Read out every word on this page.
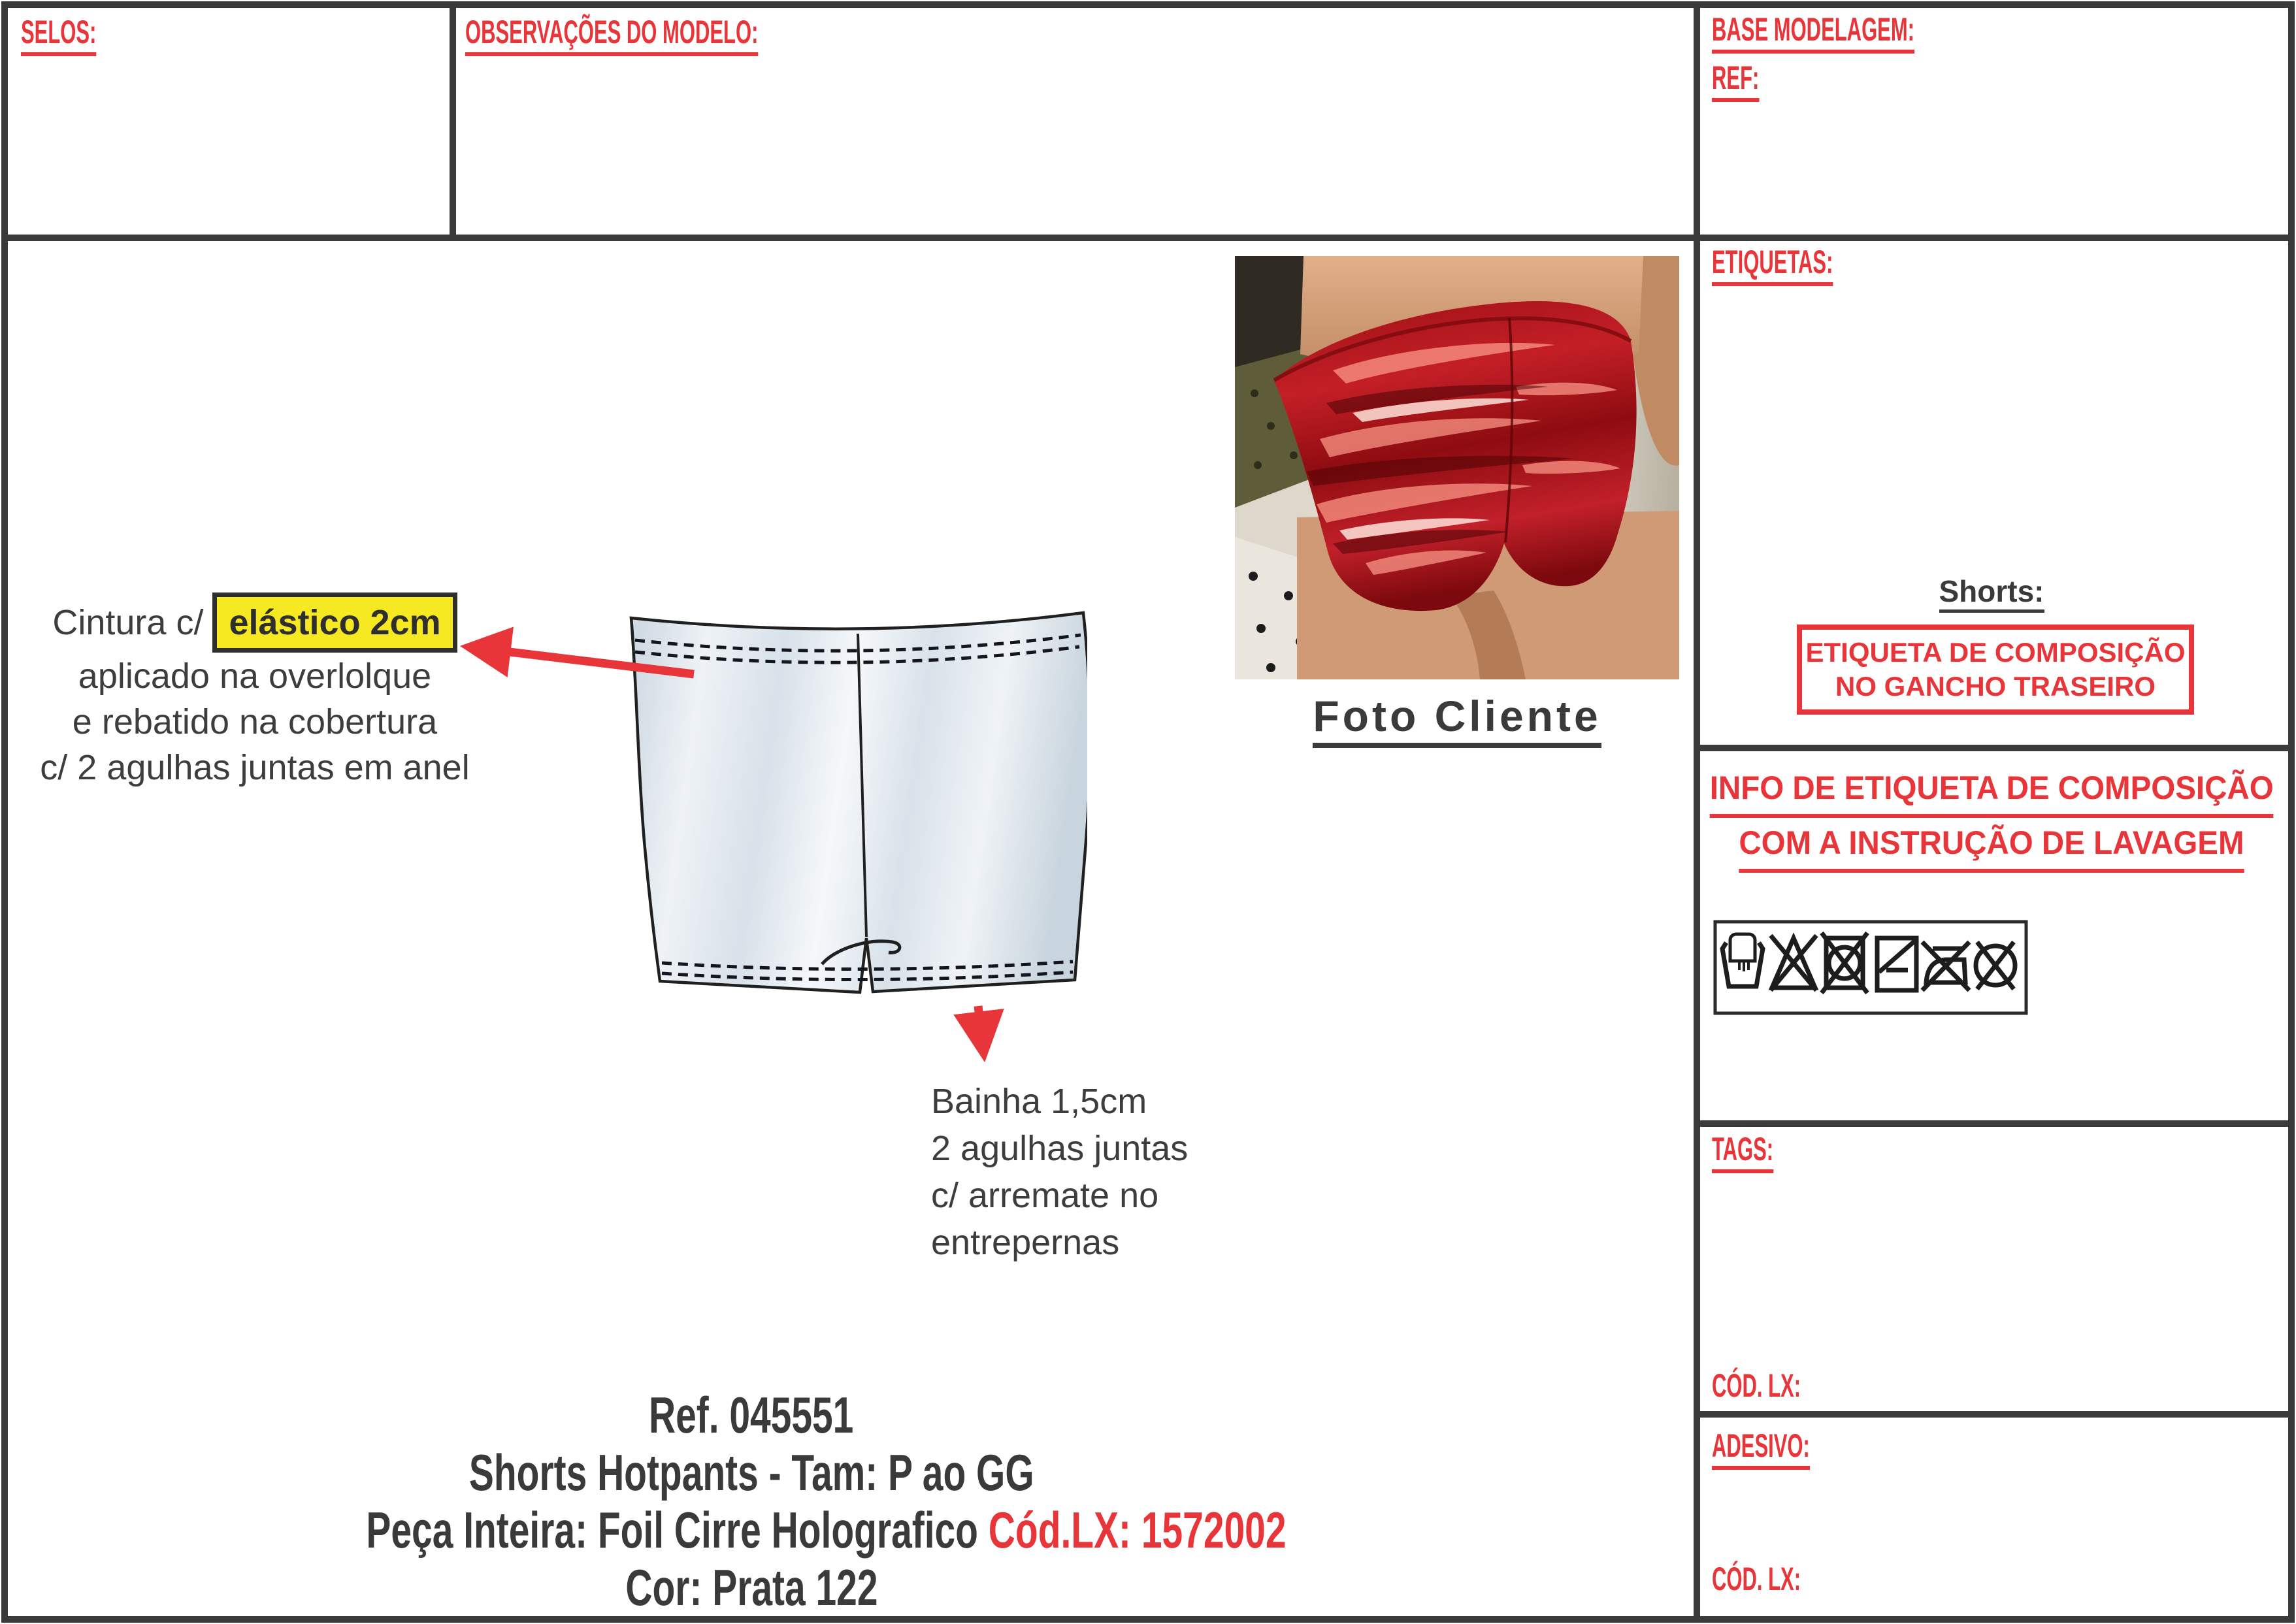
SELOS:	OBSERVAÇÕES DO MODELO:	BASE MODELAGEM:
REF:
ETIQUETAS:
TAGS:
CÓD. LX:
ADESIVO:
CÓD. LX:
Shorts:
ETIQUETA DE COMPOSIÇÃO
NO GANCHO TRASEIRO
INFO DE ETIQUETA DE COMPOSIÇÃO
COM A INSTRUÇÃO DE LAVAGEM
Cintura c/ elástico 2cm
aplicado na overlolque
e rebatido na cobertura
c/ 2 agulhas juntas em anel
Bainha 1,5cm
2 agulhas juntas
c/ arremate no
entrepernas
Foto Cliente
Ref. 045551
Shorts Hotpants - Tam: P ao GG
Peça Inteira: Foil Cirre Holografico Cód.LX: 1572002
Cor: Prata 122
